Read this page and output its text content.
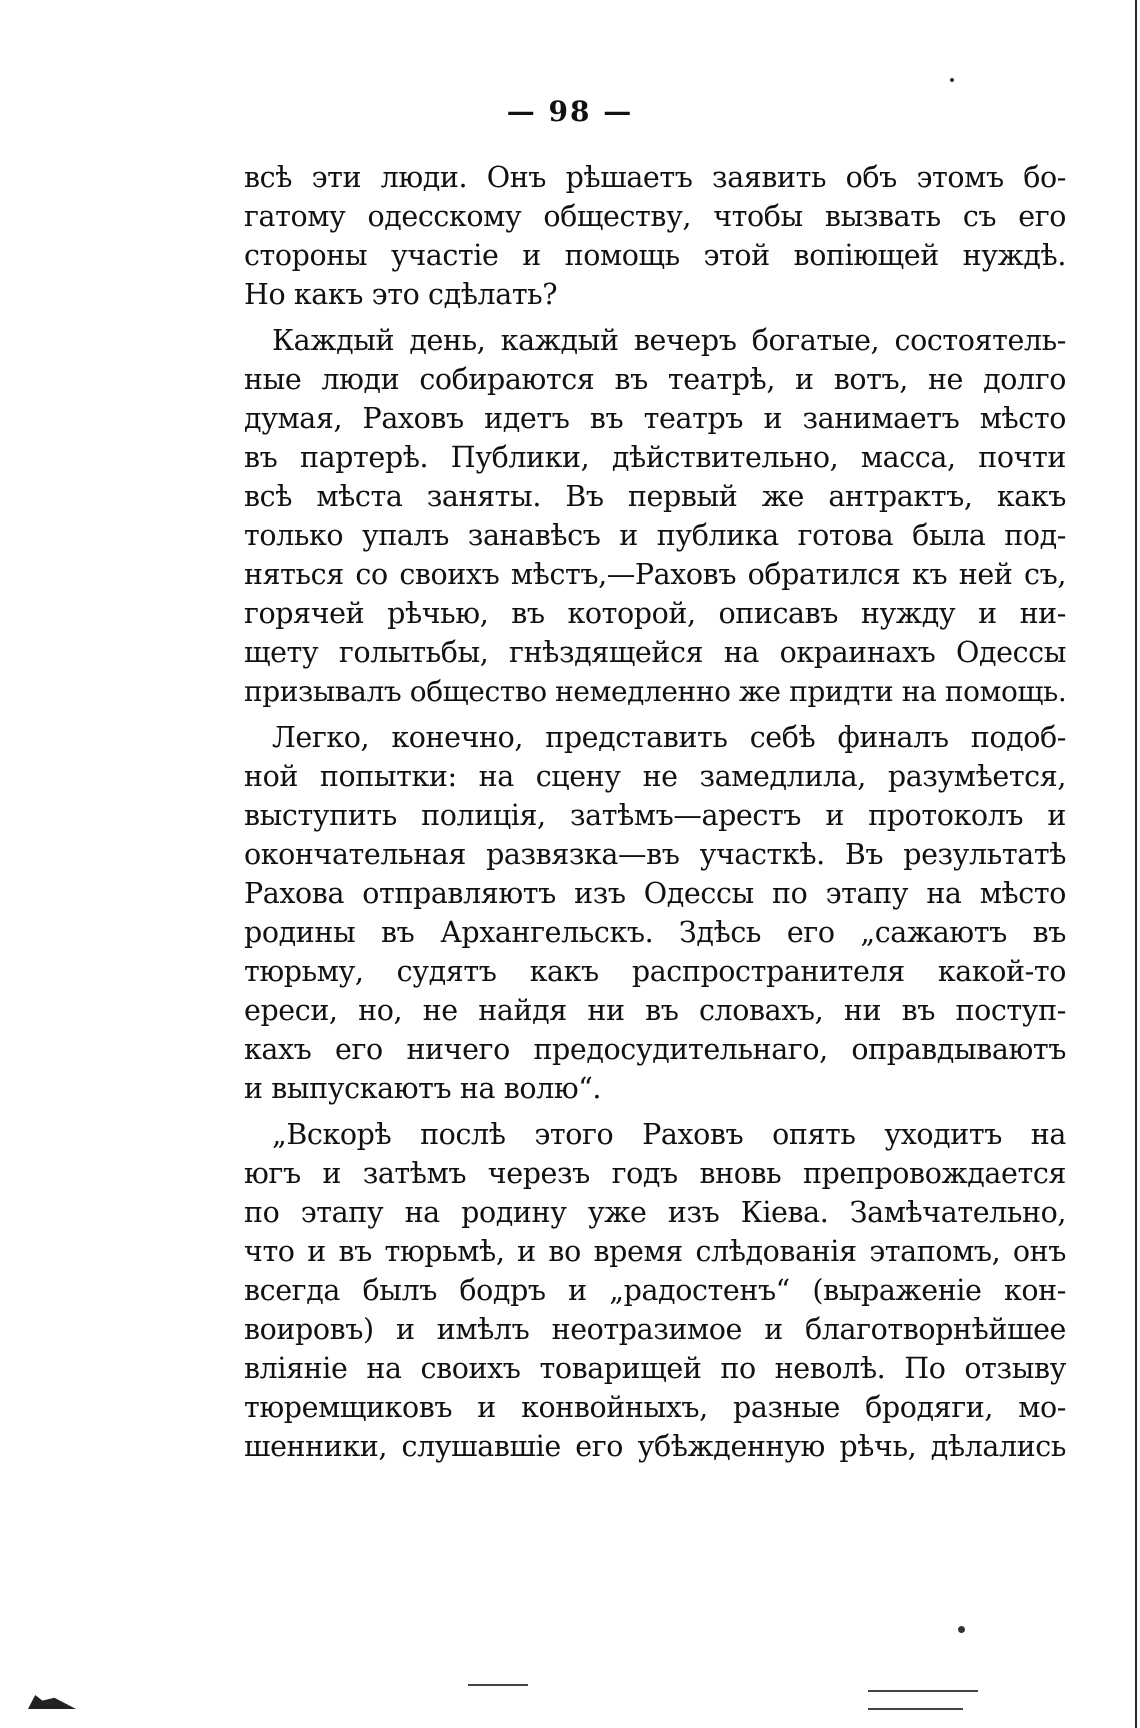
— 98 —
всѣ эти люди. Онъ рѣшаетъ заявить объ этомъ бо-
гатому одесскому обществу, чтобы вызвать съ его
стороны участіе и помощь этой вопіющей нуждѣ.
Но какъ это сдѣлать?
Каждый день, каждый вечеръ богатые, состоятель-
ные люди собираются въ театрѣ, и вотъ, не долго
думая, Раховъ идетъ въ театръ и занимаетъ мѣсто
въ партерѣ. Публики, дѣйствительно, масса, почти
всѣ мѣста заняты. Въ первый же антрактъ, какъ
только упалъ занавѣсъ и публика готова была под-
няться со своихъ мѣстъ,—Раховъ обратился къ ней съ,
горячей рѣчью, въ которой, описавъ нужду и ни-
щету голытьбы, гнѣздящейся на окраинахъ Одессы
призывалъ общество немедленно же придти на помощь.
Легко, конечно, представить себѣ финалъ подоб-
ной попытки: на сцену не замедлила, разумѣется,
выступить полиція, затѣмъ—арестъ и протоколъ и
окончательная развязка—въ участкѣ. Въ результатѣ
Рахова отправляютъ изъ Одессы по этапу на мѣсто
родины въ Архангельскъ. Здѣсь его „сажаютъ въ
тюрьму, судятъ какъ распространителя какой-то
ереси, но, не найдя ни въ словахъ, ни въ поступ-
кахъ его ничего предосудительнаго, оправдываютъ
и выпускаютъ на волю“.
„Вскорѣ послѣ этого Раховъ опять уходитъ на
югъ и затѣмъ черезъ годъ вновь препровождается
по этапу на родину уже изъ Кіева. Замѣчательно,
что и въ тюрьмѣ, и во время слѣдованія этапомъ, онъ
всегда былъ бодръ и „радостенъ“ (выраженіе кон-
воировъ) и имѣлъ неотразимое и благотворнѣйшее
вліяніе на своихъ товарищей по неволѣ. По отзыву
тюремщиковъ и конвойныхъ, разные бродяги, мо-
шенники, слушавшіе его убѣжденную рѣчь, дѣлались
